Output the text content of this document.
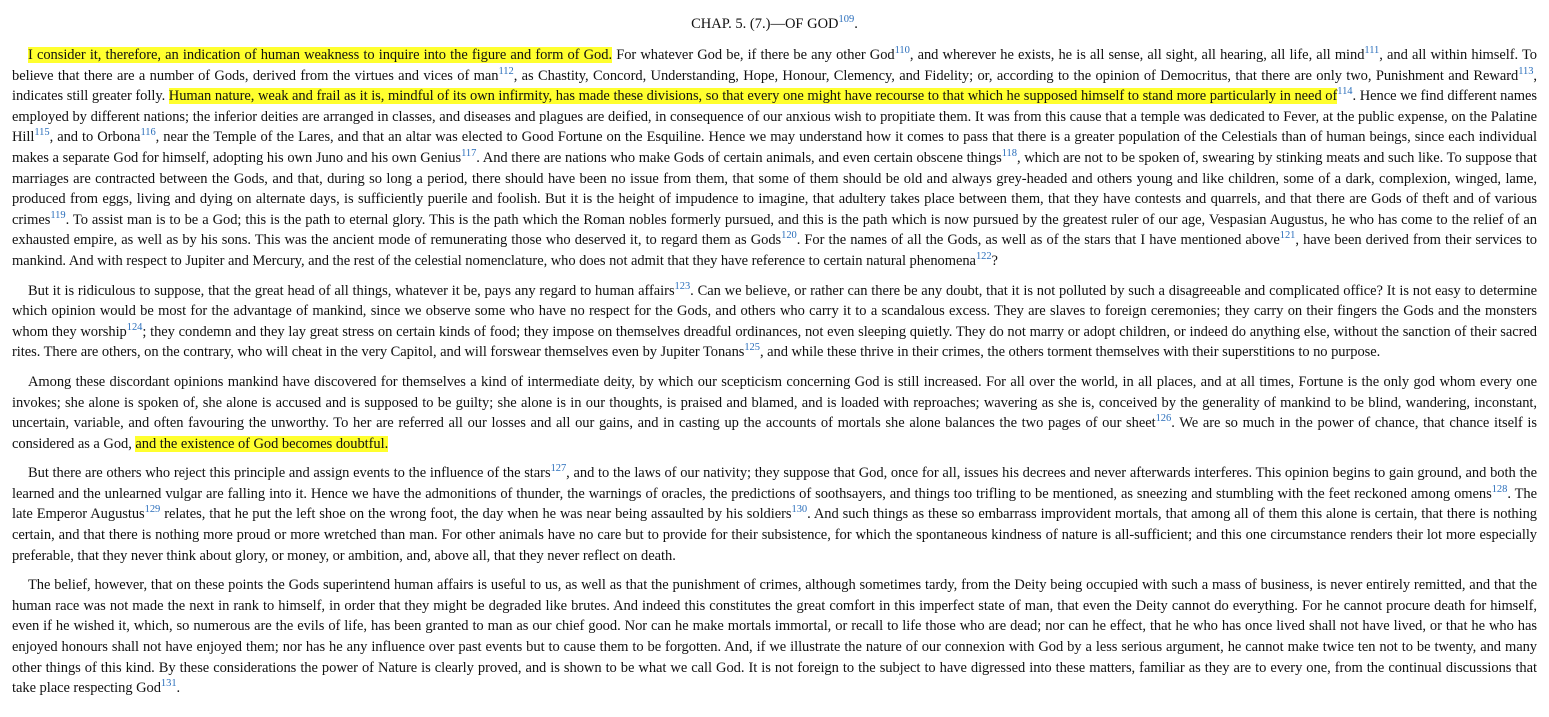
CHAP. 5. (7.)—OF GOD$^{109}$.

I consider it, therefore, an indication of human weakness to inquire into the figure and form of God. For whatever God be, if there be any other God$^{110}$, and wherever he exists, he is all sense, all sight, all hearing, all life, all mind$^{111}$, and all within himself. To believe that there are a number of Gods, derived from the virtues and vices of man$^{112}$, as Chastity, Concord, Understanding, Hope, Honour, Clemency, and Fidelity; or, according to the opinion of Democritus, that there are only two, Punishment and Reward$^{113}$, indicates still greater folly. Human nature, weak and frail as it is, mindful of its own infirmity, has made these divisions, so that every one might have recourse to that which he supposed himself to stand more particularly in need of$^{114}$. Hence we find different names employed by different nations; the inferior deities are arranged in classes, and diseases and plagues are deified, in consequence of our anxious wish to propitiate them. It was from this cause that a temple was dedicated to Fever, at the public expense, on the Palatine Hill$^{115}$, and to Orbona$^{116}$, near the Temple of the Lares, and that an altar was elected to Good Fortune on the Esquiline. Hence we may understand how it comes to pass that there is a greater population of the Celestials than of human beings, since each individual makes a separate God for himself, adopting his own Juno and his own Genius$^{117}$. And there are nations who make Gods of certain animals, and even certain obscene things$^{118}$, which are not to be spoken of, swearing by stinking meats and such like. To suppose that marriages are contracted between the Gods, and that, during so long a period, there should have been no issue from them, that some of them should be old and always grey-headed and others young and like children, some of a dark, complexion, winged, lame, produced from eggs, living and dying on alternate days, is sufficiently puerile and foolish. But it is the height of impudence to imagine, that adultery takes place between them, that they have contests and quarrels, and that there are Gods of theft and of various crimes$^{119}$. To assist man is to be a God; this is the path to eternal glory. This is the path which the Roman nobles formerly pursued, and this is the path which is now pursued by the greatest ruler of our age, Vespasian Augustus, he who has come to the relief of an exhausted empire, as well as by his sons. This was the ancient mode of remunerating those who deserved it, to regard them as Gods$^{120}$. For the names of all the Gods, as well as of the stars that I have mentioned above$^{121}$, have been derived from their services to mankind. And with respect to Jupiter and Mercury, and the rest of the celestial nomenclature, who does not admit that they have reference to certain natural phenomena$^{122}$?

But it is ridiculous to suppose, that the great head of all things, whatever it be, pays any regard to human affairs$^{123}$. Can we believe, or rather can there be any doubt, that it is not polluted by such a disagreeable and complicated office? It is not easy to determine which opinion would be most for the advantage of mankind, since we observe some who have no respect for the Gods, and others who carry it to a scandalous excess. They are slaves to foreign ceremonies; they carry on their fingers the Gods and the monsters whom they worship$^{124}$; they condemn and they lay great stress on certain kinds of food; they impose on themselves dreadful ordinances, not even sleeping quietly. They do not marry or adopt children, or indeed do anything else, without the sanction of their sacred rites. There are others, on the contrary, who will cheat in the very Capitol, and will forswear themselves even by Jupiter Tonans$^{125}$, and while these thrive in their crimes, the others torment themselves with their superstitions to no purpose.

Among these discordant opinions mankind have discovered for themselves a kind of intermediate deity, by which our scepticism concerning God is still increased. For all over the world, in all places, and at all times, Fortune is the only god whom every one invokes; she alone is spoken of, she alone is accused and is supposed to be guilty; she alone is in our thoughts, is praised and blamed, and is loaded with reproaches; wavering as she is, conceived by the generality of mankind to be blind, wandering, inconstant, uncertain, variable, and often favouring the unworthy. To her are referred all our losses and all our gains, and in casting up the accounts of mortals she alone balances the two pages of our sheet$^{126}$. We are so much in the power of chance, that chance itself is considered as a God, and the existence of God becomes doubtful.

But there are others who reject this principle and assign events to the influence of the stars$^{127}$, and to the laws of our nativity; they suppose that God, once for all, issues his decrees and never afterwards interferes. This opinion begins to gain ground, and both the learned and the unlearned vulgar are falling into it. Hence we have the admonitions of thunder, the warnings of oracles, the predictions of soothsayers, and things too trifling to be mentioned, as sneezing and stumbling with the feet reckoned among omens$^{128}$. The late Emperor Augustus$^{129}$ relates, that he put the left shoe on the wrong foot, the day when he was near being assaulted by his soldiers$^{130}$. And such things as these so embarrass improvident mortals, that among all of them this alone is certain, that there is nothing certain, and that there is nothing more proud or more wretched than man. For other animals have no care but to provide for their subsistence, for which the spontaneous kindness of nature is all-sufficient; and this one circumstance renders their lot more especially preferable, that they never think about glory, or money, or ambition, and, above all, that they never reflect on death.

The belief, however, that on these points the Gods superintend human affairs is useful to us, as well as that the punishment of crimes, although sometimes tardy, from the Deity being occupied with such a mass of business, is never entirely remitted, and that the human race was not made the next in rank to himself, in order that they might be degraded like brutes. And indeed this constitutes the great comfort in this imperfect state of man, that even the Deity cannot do everything. For he cannot procure death for himself, even if he wished it, which, so numerous are the evils of life, has been granted to man as our chief good. Nor can he make mortals immortal, or recall to life those who are dead; nor can he effect, that he who has once lived shall not have lived, or that he who has enjoyed honours shall not have enjoyed them; nor has he any influence over past events but to cause them to be forgotten. And, if we illustrate the nature of our connexion with God by a less serious argument, he cannot make twice ten not to be twenty, and many other things of this kind. By these considerations the power of Nature is clearly proved, and is shown to be what we call God. It is not foreign to the subject to have digressed into these matters, familiar as they are to every one, from the continual discussions that take place respecting God$^{131}$.
